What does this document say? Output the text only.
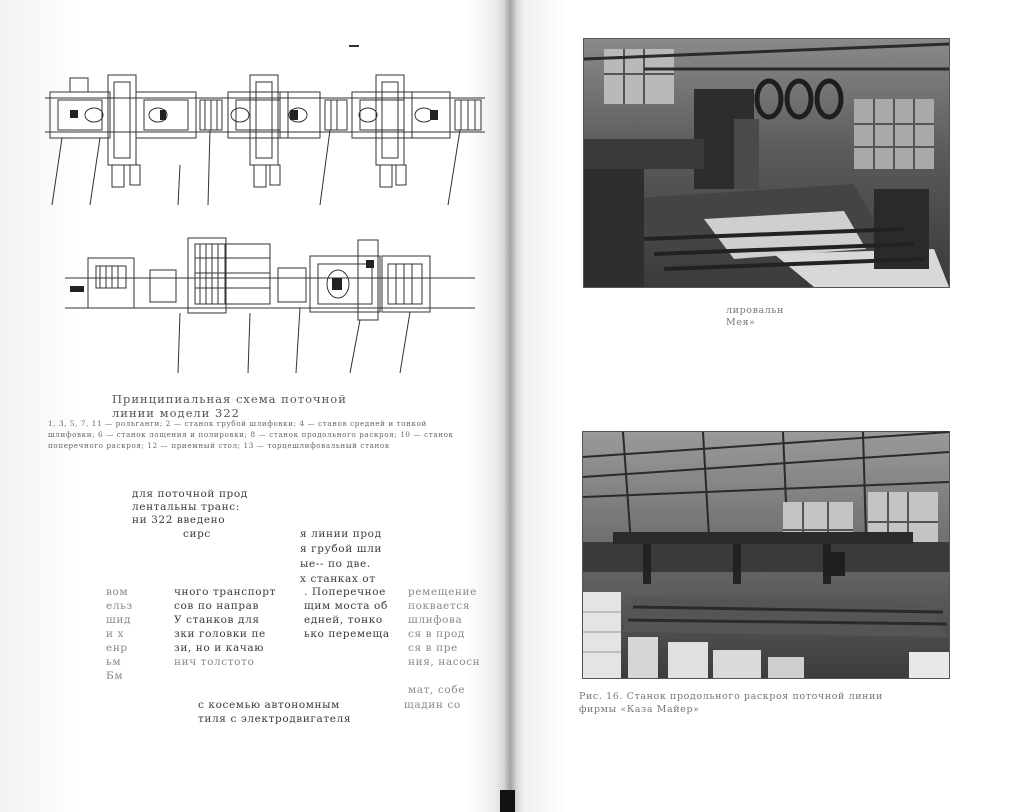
Принципиальная схема поточной линии модели 322
1, 3, 5, 7, 11 — рольганги; 2 — станок грубой шлифовки; 4 — станов средней и тонкой шлифовки; 6 — станок лощения и полировки; 8 — станок продольного раскроя; 10 — станок поперечного раскроя; 12 — приемный стол; 13 — торцешлифовальный станок
для поточной прод
лентальны транс:
ни 322 введено
сирс	я линии прод
я грубой шли
ые-- по две.
х станках от
вом	чного транспорт	. Поперечное	ремещение
ельз	сов по направ	щим моста об	поквается
шид	У станков для	едней, тонко	шлифова
и х	зки головки пе	ько перемеща	ся в прод
енр	зи, но и качаю	ся в пре
ьм	нич толстото	ния, насосн
Бм
мат, собе
с косемью автономным	щадин со
тиля с электродвигателя
лировальн
Мея»
Рис. 16. Станок продольного раскроя поточной линии фирмы «Каза Майер»
